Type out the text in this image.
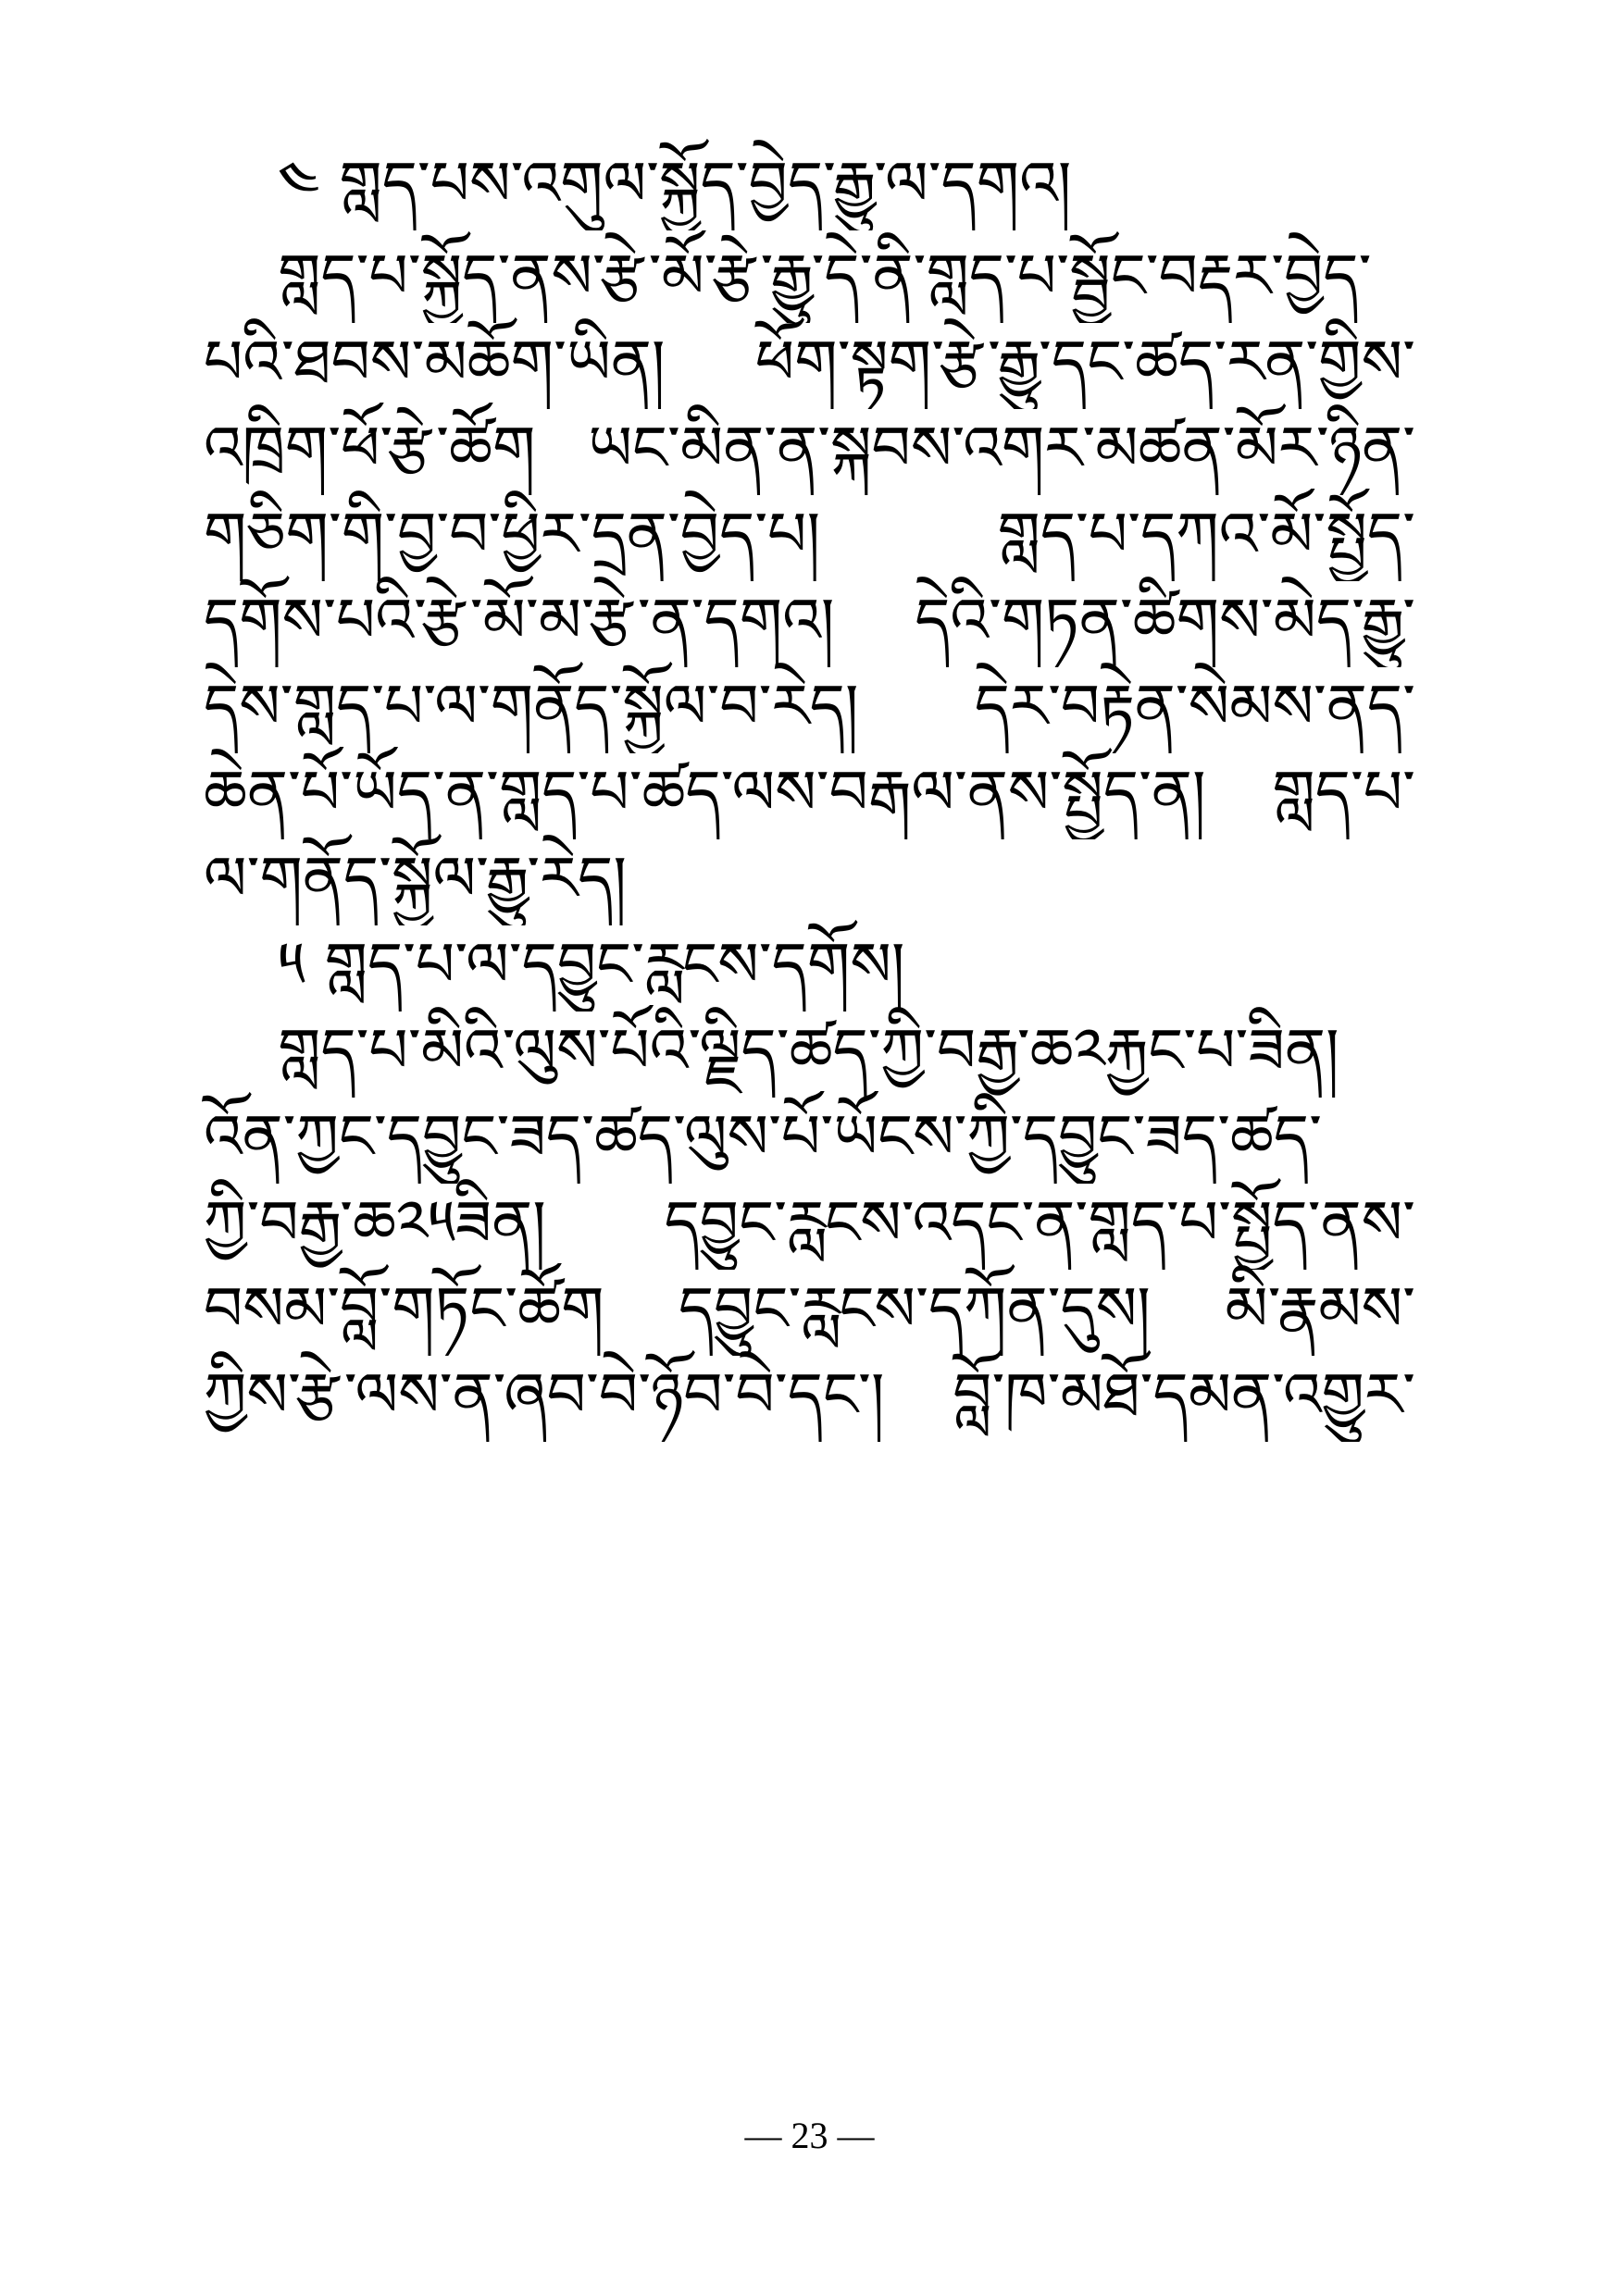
༤ གླད་པས་འགུལ་སྐྱོད་བྱེད་རྒྱུ་ལ་དགའ།
གླད་པ་སྐྱོད་ནས་རྩེ་མོ་རྩེ་རྒྱུ་དེ་ནི་གླད་པ་སྦྱོང་བརྡར་བྱེད་
པའི་ཐབས་མཆོག་ཡིན། ཕོག་སྟག་རྩེ་རྒྱུ་དང་ཚད་རན་གྱིས་
འཁྲིག་ཕོ་རྩེ་ཚོག ཡང་མིན་ན་སྐབས་འགར་མཚན་མོར་ཉིན་
གཅིག་གི་བྱ་བ་ཕྱིར་དྲན་བྱེད་པ། གླད་པ་དཀའ་མོ་སྤྱོད་
དགོས་པའི་རྩེ་མོ་མ་རྩེ་ན་དགའ། དེའི་གཏན་ཚིགས་མེད་རྒྱུ་
དེས་གླད་པ་ལ་གནོད་སྐྱོལ་བ་རེད། དེར་བརྟེན་སེམས་ནད་
ཆེན་པོ་ཡོད་ན་གླད་པ་ཚད་ལས་བརྒལ་ནས་སྤྱོད་ན། གླད་པ་
ལ་གནོད་སྐྱོལ་རྒྱུ་རེད།
༥ གླད་པ་ལ་དབྱུང་རླངས་དགོས།
གླད་པ་མིའི་ལུས་པོའི་ལྗིད་ཚད་ཀྱི་བརྒྱ་ཆ༢རྐྱང་པ་ཟིན།
འོན་ཀྱང་དབྱུང་ཟད་ཚད་ལུས་པོ་ཡོངས་ཀྱི་དབྱུང་ཟད་ཚད་
ཀྱི་བརྒྱ་ཆ༢༥ཟིན། དབྱུང་རླངས་འདང་ན་གླད་པ་སྤྱོད་ནས་
བསམ་བློ་གཏོང་ཚོག དབྱུང་རླངས་དཀོན་དུས། མི་རྣམས་
ཀྱིས་རྩེ་ལས་ན་ཞབ་བེ་ཉོབ་བེ་དང་། བློ་ཁ་མཐོ་དམན་འགྱུར་
— 23 —
